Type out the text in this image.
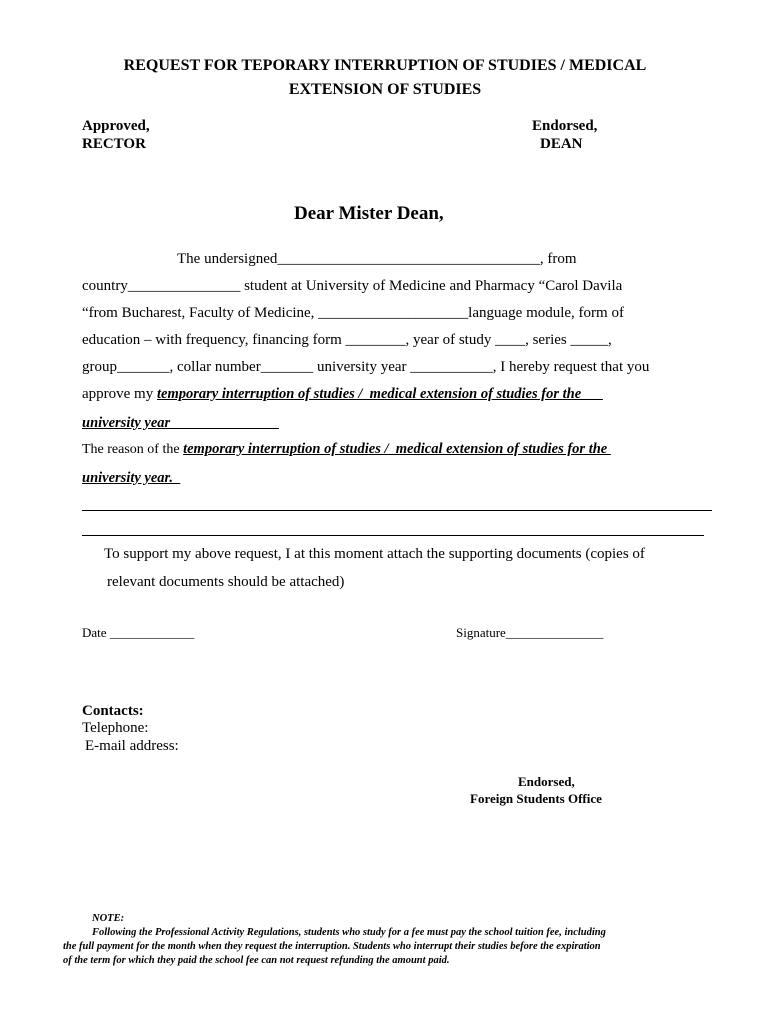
REQUEST FOR TEPORARY INTERRUPTION OF STUDIES / MEDICAL
EXTENSION OF STUDIES
Approved,
RECTOR
Endorsed,
DEAN
Dear Mister Dean,
The undersigned___________________________________, from
country_______________ student at University of Medicine and Pharmacy “Carol Davila
“from Bucharest, Faculty of Medicine, ____________________language module, form of
education – with frequency, financing form ________, year of study ____, series _____,
group_______, collar number_______ university year ___________, I hereby request that you
approve my temporary interruption of studies /  medical extension of studies for the
university year
The reason of the temporary interruption of studies /  medical extension of studies for the
university year.
To support my above request, I at this moment attach the supporting documents (copies of
relevant documents should be attached)
Date _____________	Signature_______________
Contacts:
Telephone:
E-mail address:
Endorsed,
Foreign Students Office
NOTE:
Following the Professional Activity Regulations, students who study for a fee must pay the school tuition fee, including
the full payment for the month when they request the interruption. Students who interrupt their studies before the expiration
of the term for which they paid the school fee can not request refunding the amount paid.
